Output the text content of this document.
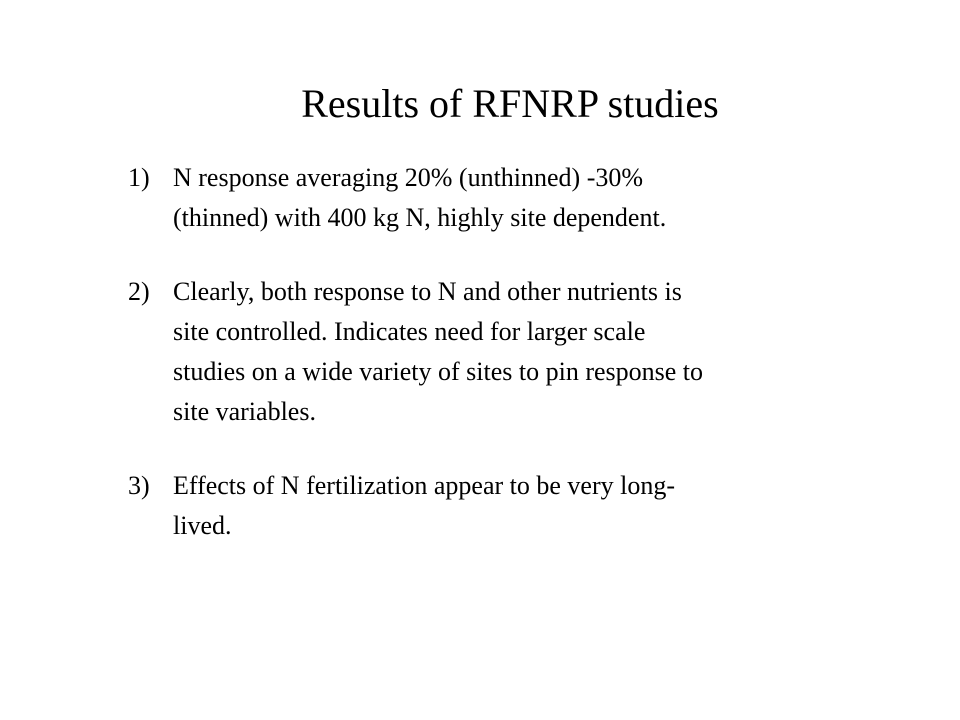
Results of RFNRP studies
1) N response averaging 20% (unthinned) -30%
(thinned) with 400 kg N, highly site dependent.
2) Clearly, both response to N and other nutrients is
site controlled. Indicates need for larger scale
studies on a wide variety of sites to pin response to
site variables.
3) Effects of N fertilization appear to be very long-
lived.
